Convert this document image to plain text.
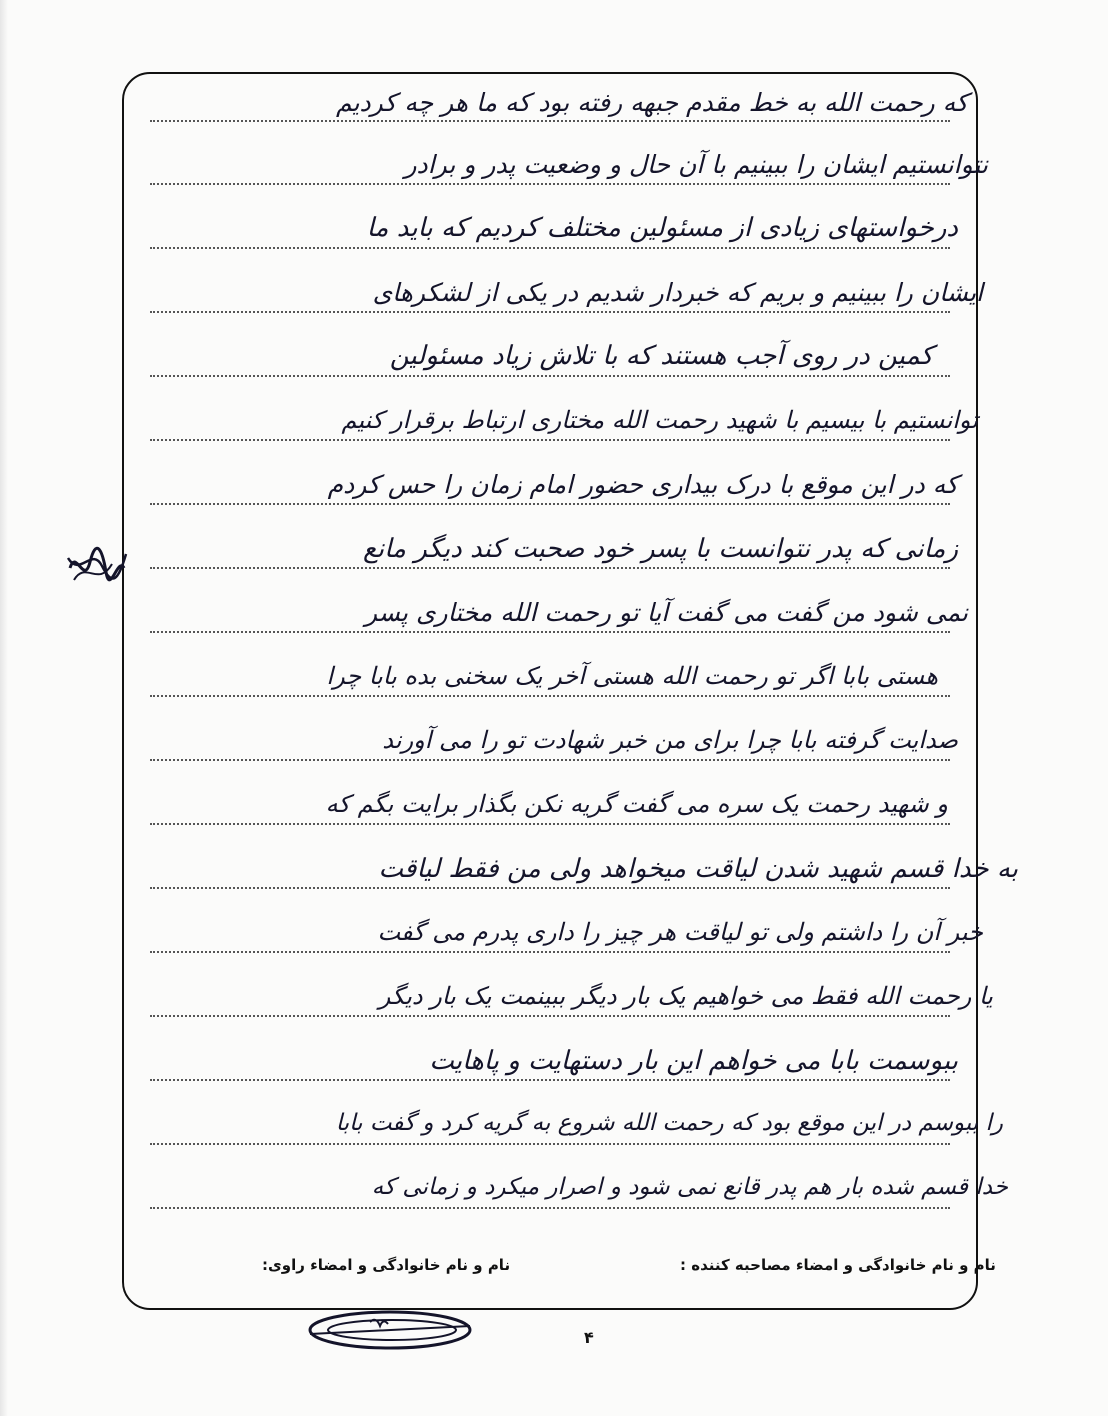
که رحمت الله به خط مقدم جبهه رفته بود که ما هر چه کردیم
نتوانستیم ایشان را ببینیم با آن حال و وضعیت پدر و برادر
درخواستهای زیادی از مسئولین مختلف کردیم که باید ما
ایشان را ببینیم و بریم که خبردار شدیم در یکی از لشکرهای
کمین در روی آجب هستند که با تلاش زیاد مسئولین
توانستیم با بیسیم با شهید رحمت الله مختاری ارتباط برقرار کنیم
که در این موقع با درک بیداری حضور امام زمان را حس کردم
زمانی که پدر نتوانست با پسر خود صحبت کند دیگر مانع
نمی شود من گفت می گفت آیا تو رحمت الله مختاری پسر
هستی بابا اگر تو رحمت الله هستی آخر یک سخنی بده بابا چرا
صدایت گرفته بابا چرا برای من خبر شهادت تو را می آورند
و شهید رحمت یک سره می گفت گریه نکن بگذار برایت بگم که
به خدا قسم شهید شدن لیاقت میخواهد ولی من فقط لیاقت
خبر آن را داشتم ولی تو لیاقت هر چیز را داری پدرم می گفت
یا رحمت الله فقط می خواهیم یک بار دیگر ببینمت یک بار دیگر
ببوسمت بابا می خواهم این بار دستهایت و پاهایت
را ببوسم در این موقع بود که رحمت الله شروع به گریه کرد و گفت بابا
خدا قسم شده بار هم پدر قانع نمی شود و اصرار میکرد و زمانی که
نام و نام خانوادگی و امضاء مصاحبه کننده :
نام و نام خانوادگی و امضاء راوی:
۴
